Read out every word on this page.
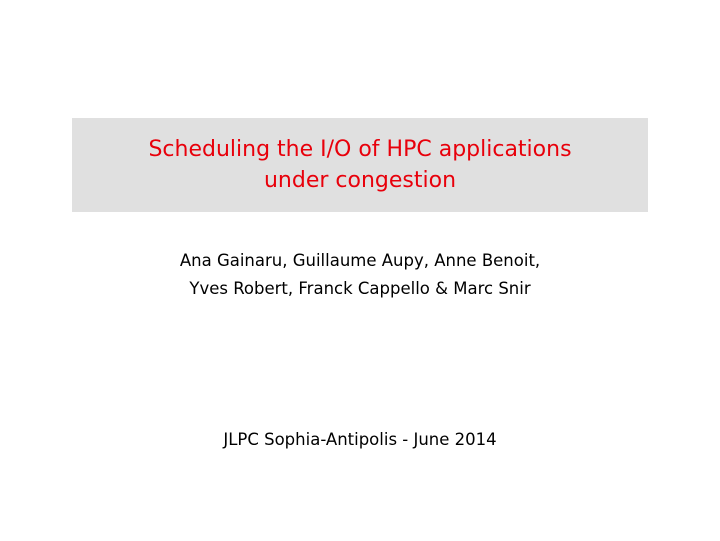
Scheduling the I/O of HPC applications
under congestion
Ana Gainaru, Guillaume Aupy, Anne Benoit,
Yves Robert, Franck Cappello & Marc Snir
JLPC Sophia-Antipolis - June 2014
